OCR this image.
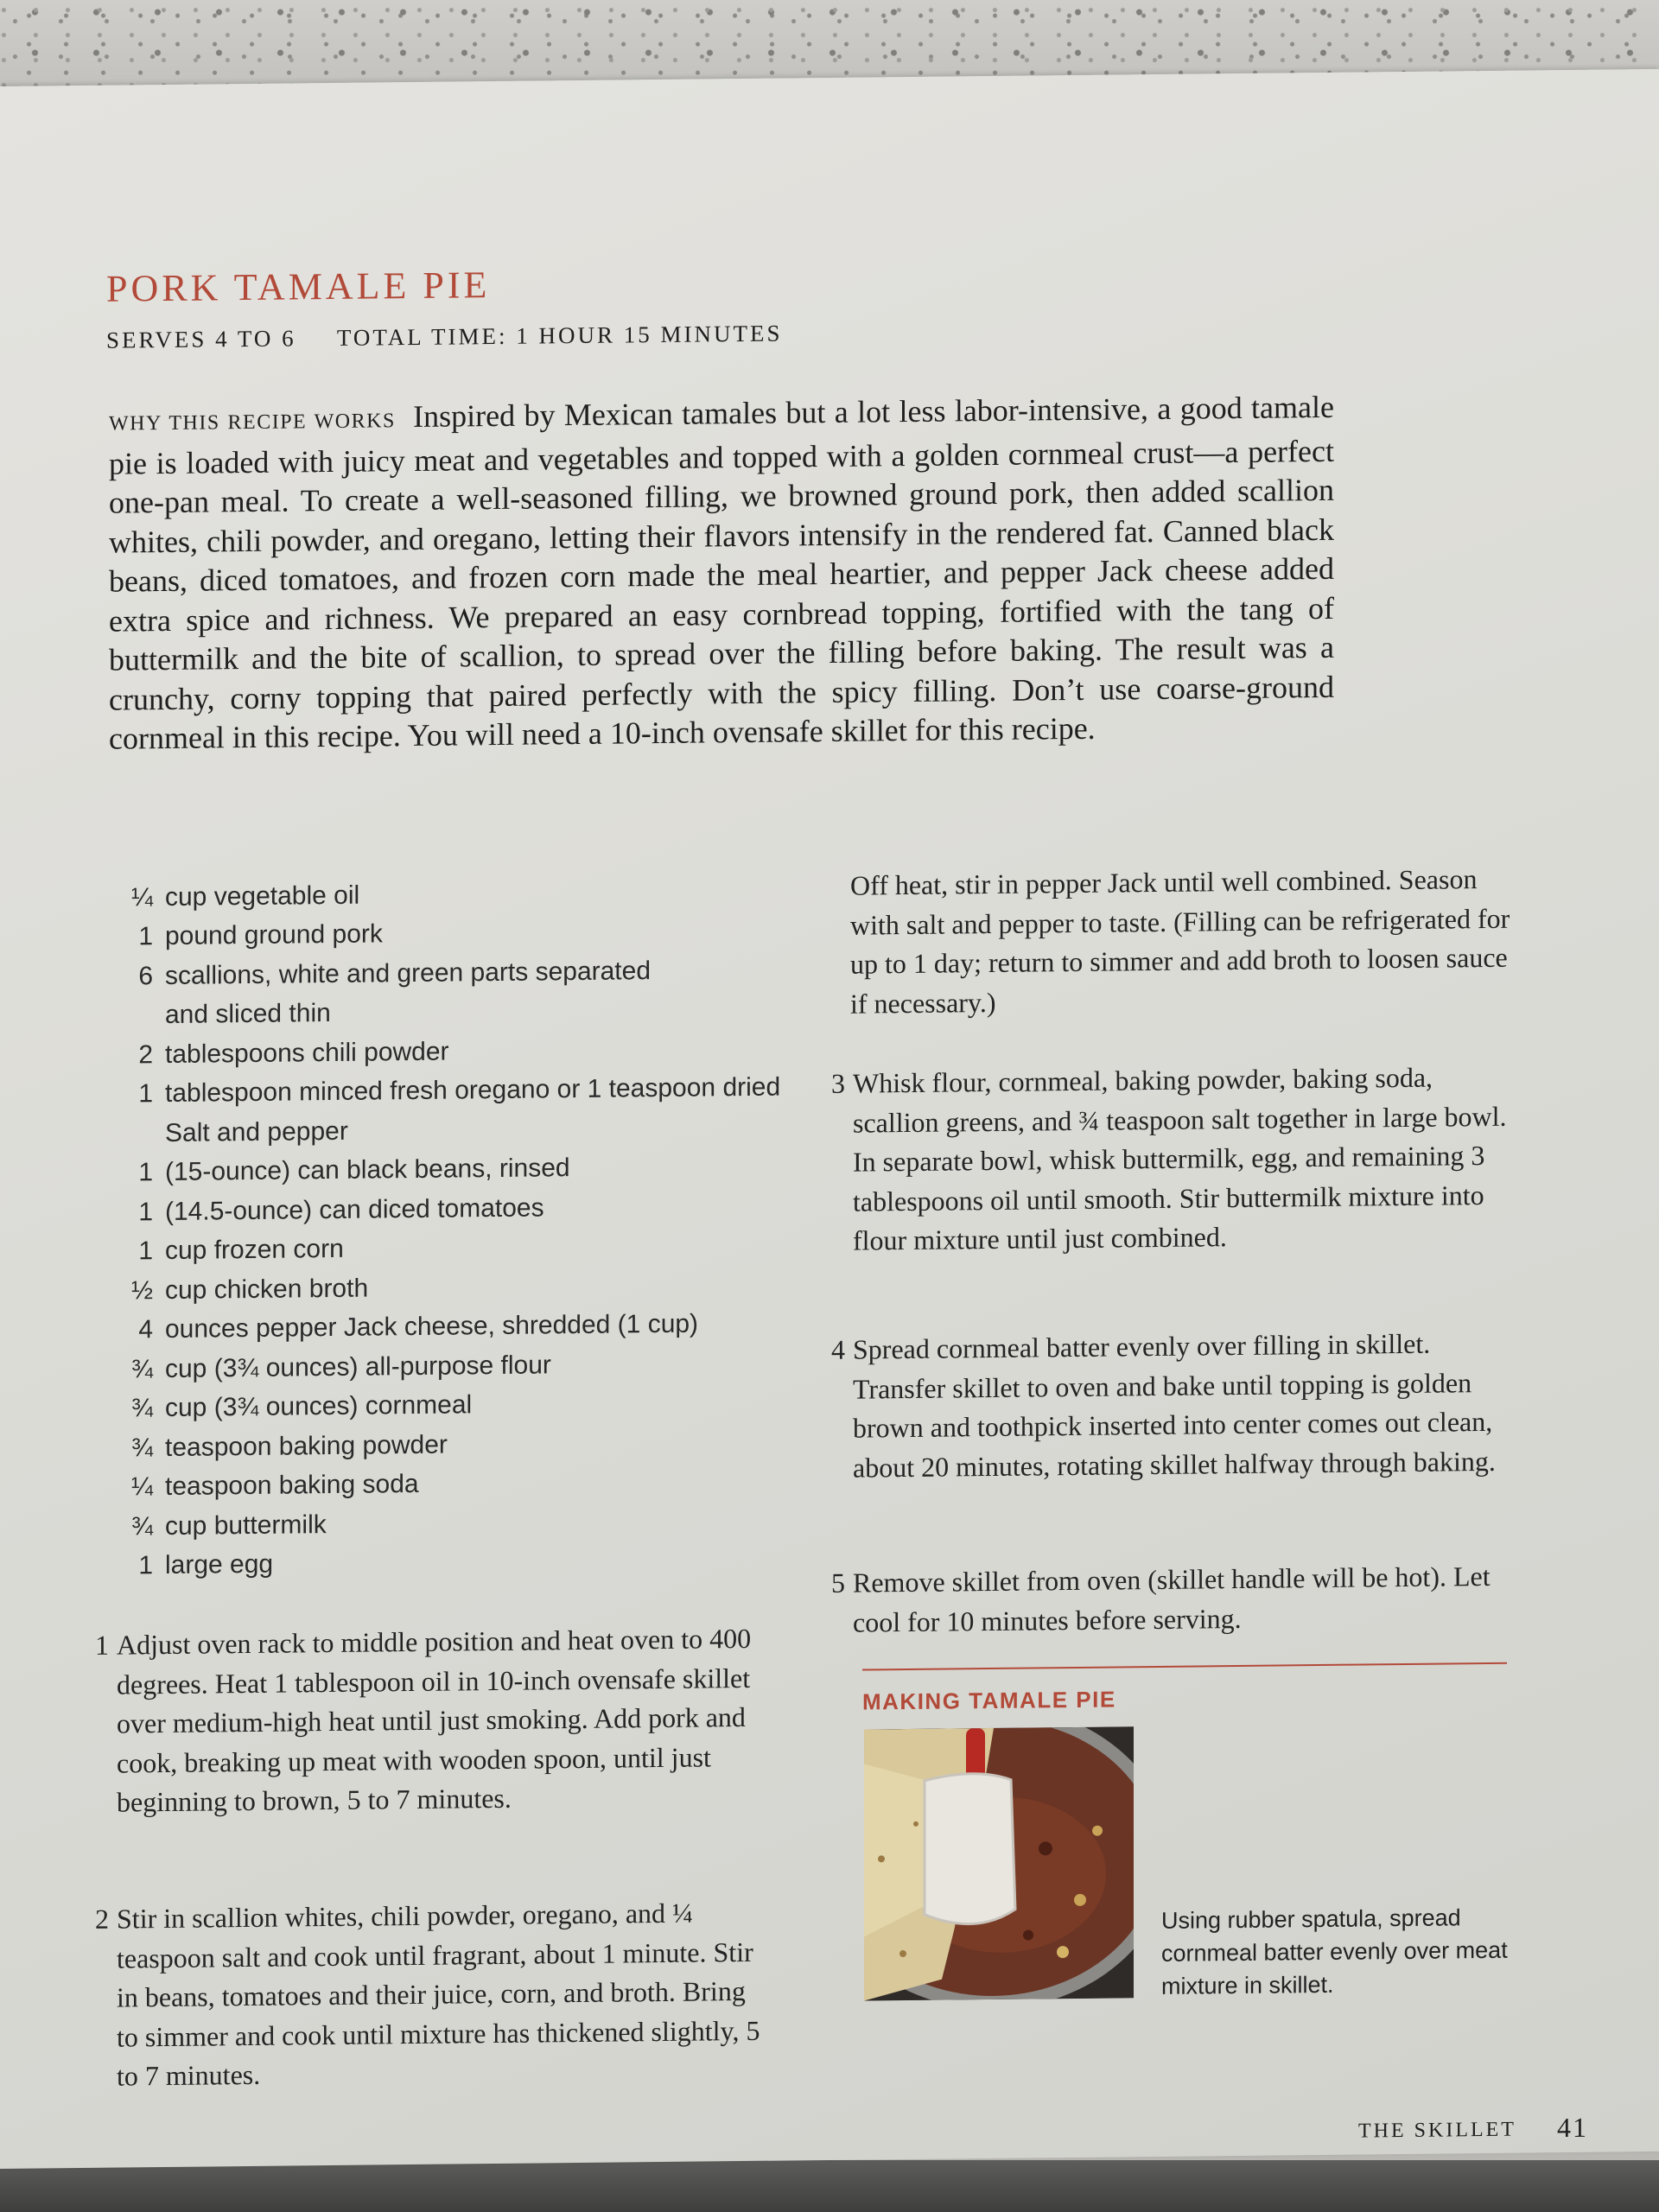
PORK TAMALE PIE
SERVES 4 TO 6 TOTAL TIME: 1 HOUR 15 MINUTES
WHY THIS RECIPE WORKS Inspired by Mexican tamales but a lot less labor-intensive, a good tamale pie is loaded with juicy meat and vegetables and topped with a golden cornmeal crust—a perfect one-pan meal. To create a well-seasoned filling, we browned ground pork, then added scallion whites, chili powder, and oregano, letting their flavors intensify in the rendered fat. Canned black beans, diced tomatoes, and frozen corn made the meal heartier, and pepper Jack cheese added extra spice and richness. We prepared an easy cornbread topping, fortified with the tang of buttermilk and the bite of scallion, to spread over the filling before baking. The result was a crunchy, corny topping that paired perfectly with the spicy filling. Don’t use coarse-ground cornmeal in this recipe. You will need a 10-inch ovensafe skillet for this recipe.
¼ cup vegetable oil
1 pound ground pork
6 scallions, white and green parts separated
and sliced thin
2 tablespoons chili powder
1 tablespoon minced fresh oregano or 1 teaspoon dried
Salt and pepper
1 (15-ounce) can black beans, rinsed
1 (14.5-ounce) can diced tomatoes
1 cup frozen corn
½ cup chicken broth
4 ounces pepper Jack cheese, shredded (1 cup)
¾ cup (3¾ ounces) all-purpose flour
¾ cup (3¾ ounces) cornmeal
¾ teaspoon baking powder
¼ teaspoon baking soda
¾ cup buttermilk
1 large egg
1 Adjust oven rack to middle position and heat oven to 400 degrees. Heat 1 tablespoon oil in 10-inch ovensafe skillet over medium-high heat until just smoking. Add pork and cook, breaking up meat with wooden spoon, until just beginning to brown, 5 to 7 minutes.
2 Stir in scallion whites, chili powder, oregano, and ¼ teaspoon salt and cook until fragrant, about 1 minute. Stir in beans, tomatoes and their juice, corn, and broth. Bring to simmer and cook until mixture has thickened slightly, 5 to 7 minutes.
Off heat, stir in pepper Jack until well combined. Season with salt and pepper to taste. (Filling can be refrigerated for up to 1 day; return to simmer and add broth to loosen sauce if necessary.)
3 Whisk flour, cornmeal, baking powder, baking soda, scallion greens, and ¾ teaspoon salt together in large bowl. In separate bowl, whisk buttermilk, egg, and remaining 3 tablespoons oil until smooth. Stir buttermilk mixture into flour mixture until just combined.
4 Spread cornmeal batter evenly over filling in skillet. Transfer skillet to oven and bake until topping is golden brown and toothpick inserted into center comes out clean, about 20 minutes, rotating skillet halfway through baking.
5 Remove skillet from oven (skillet handle will be hot). Let cool for 10 minutes before serving.
MAKING TAMALE PIE
Using rubber spatula, spread cornmeal batter evenly over meat mixture in skillet.
THE SKILLET 41
